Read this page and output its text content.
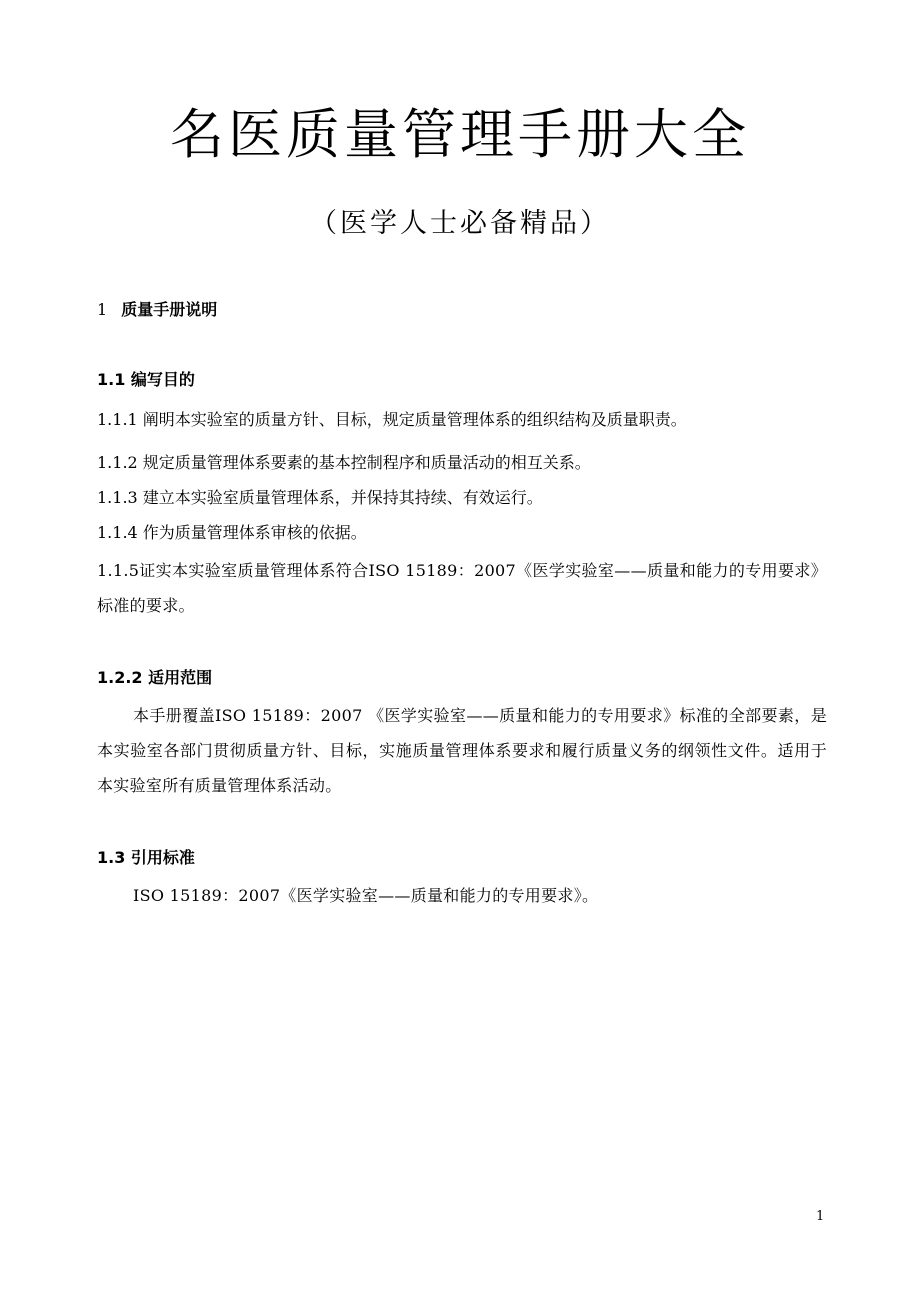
名医质量管理手册大全
（医学人士必备精品）
1 质量手册说明
1.1 编写目的
1.1.1 阐明本实验室的质量方针、目标，规定质量管理体系的组织结构及质量职责。
1.1.2 规定质量管理体系要素的基本控制程序和质量活动的相互关系。
1.1.3 建立本实验室质量管理体系，并保持其持续、有效运行。
1.1.4 作为质量管理体系审核的依据。
1.1.5证实本实验室质量管理体系符合ISO 15189：2007《医学实验室——质量和能力的专用要求》标准的要求。
1.2.2 适用范围
本手册覆盖ISO 15189：2007 《医学实验室——质量和能力的专用要求》标准的全部要素，是本实验室各部门贯彻质量方针、目标，实施质量管理体系要求和履行质量义务的纲领性文件。适用于本实验室所有质量管理体系活动。
1.3 引用标准
ISO 15189：2007《医学实验室——质量和能力的专用要求》。
1
